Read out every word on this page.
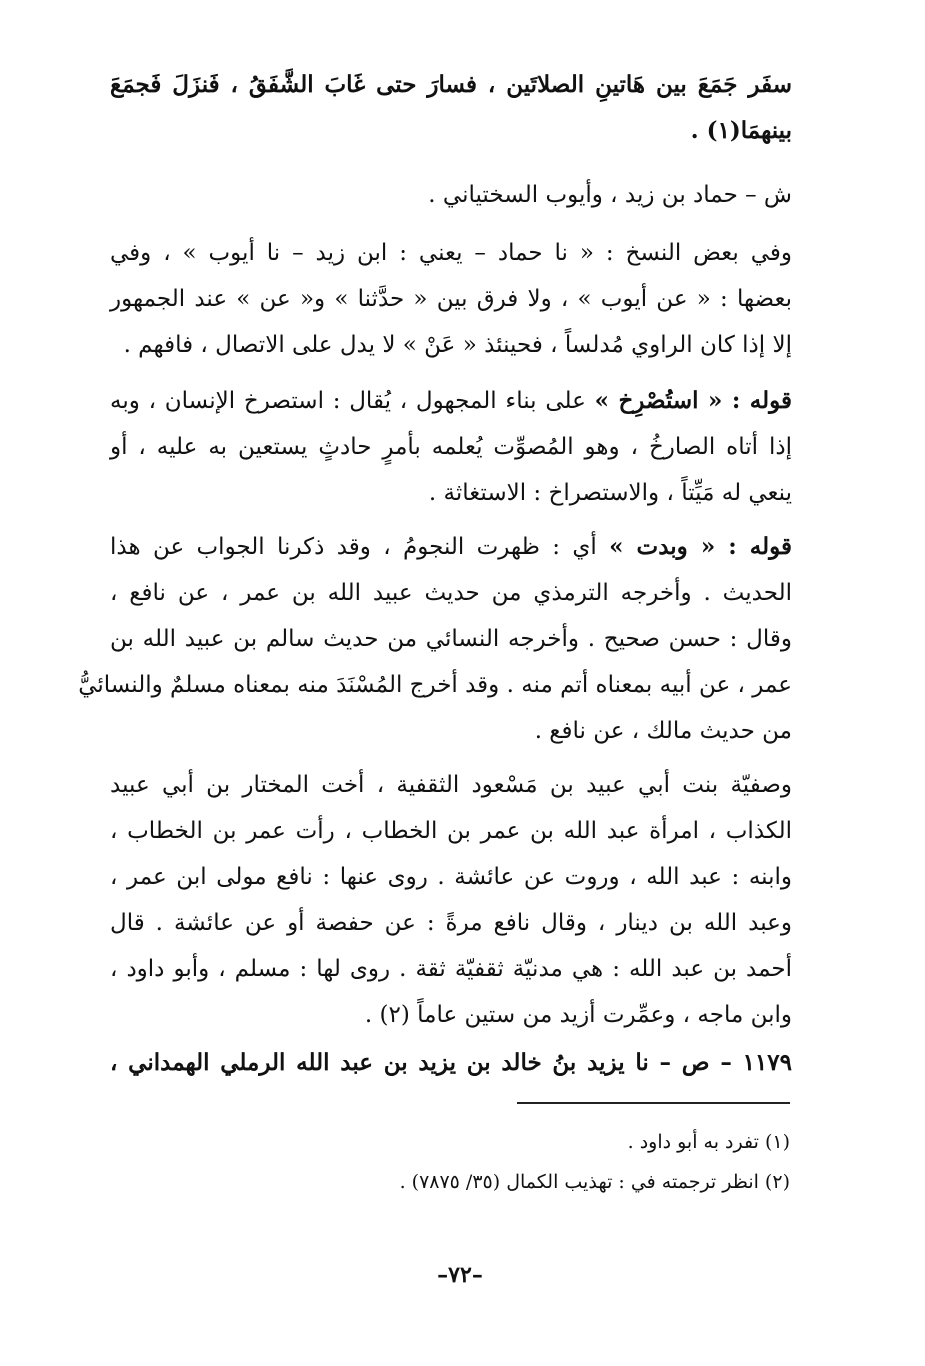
سفَر جَمَعَ بين هَاتينِ الصلاتَين ، فسارَ حتى غَابَ الشَّفَقُ ، فَنزَلَ فَجمَعَ
بينهمَا(١) .
ش – حماد بن زيد ، وأيوب السختياني .
وفي بعض النسخ : « نا حماد – يعني : ابن زيد – نا أيوب » ، وفي
بعضها : « عن أيوب » ، ولا فرق بين « حدَّثنا » و« عن » عند الجمهور
إلا إذا كان الراوي مُدلساً ، فحينئذ « عَنْ » لا يدل على الاتصال ، فافهم .
قوله : « استُصْرِخ » على بناء المجهول ، يُقال : استصرخ الإنسان ، وبه
إذا أتاه الصارخُ ، وهو المُصوِّت يُعلمه بأمرٍ حادثٍ يستعين به عليه ، أو
ينعي له مَيِّتاً ، والاستصراخ : الاستغاثة .
قوله : « وبدت » أي : ظهرت النجومُ ، وقد ذكرنا الجواب عن هذا
الحديث . وأخرجه الترمذي من حديث عبيد الله بن عمر ، عن نافع ،
وقال : حسن صحيح . وأخرجه النسائي من حديث سالم بن عبيد الله بن
عمر ، عن أبيه بمعناه أتم منه . وقد أخرج المُسْنَدَ منه بمعناه مسلمٌ والنسائيُّ
من حديث مالك ، عن نافع .
وصفيّة بنت أبي عبيد بن مَسْعود الثقفية ، أخت المختار بن أبي عبيد
الكذاب ، امرأة عبد الله بن عمر بن الخطاب ، رأت عمر بن الخطاب ،
وابنه : عبد الله ، وروت عن عائشة . روى عنها : نافع مولى ابن عمر ،
وعبد الله بن دينار ، وقال نافع مرةً : عن حفصة أو عن عائشة . قال
أحمد بن عبد الله : هي مدنيّة ثقفيّة ثقة . روى لها : مسلم ، وأبو داود ،
وابن ماجه ، وعمِّرت أزيد من ستين عاماً (٢) .
١١٧٩ – ص – نا يزيد بنُ خالد بن يزيد بن عبد الله الرملي الهمداني ،
(١) تفرد به أبو داود .
(٢) انظر ترجمته في : تهذيب الكمال (٣٥/ ٧٨٧٥) .
–٧٢–
